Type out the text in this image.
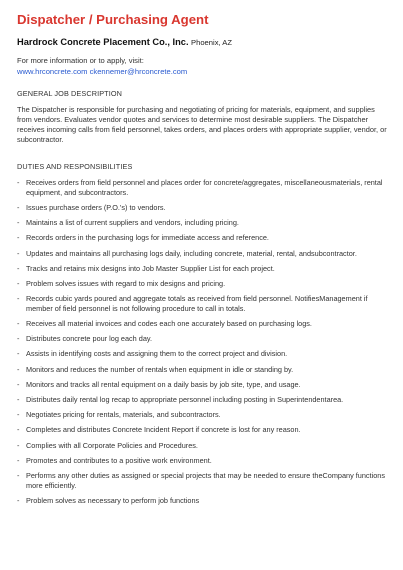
Dispatcher / Purchasing Agent
Hardrock Concrete Placement Co., Inc. Phoenix, AZ
For more information or to apply, visit:
www.hrconcrete.com ckennemer@hrconcrete.com
GENERAL JOB DESCRIPTION

The Dispatcher is responsible for purchasing and negotiating of pricing for materials, equipment, and supplies from vendors. Evaluates vendor quotes and services to determine most desirable suppliers. The Dispatcher receives incoming calls from field personnel, takes orders, and places orders with appropriate supplier, vendor, or subcontractor.

DUTIES AND RESPONSIBILITIES
- Receives orders from field personnel and places order for concrete/aggregates, miscellaneousmaterials, rental equipment, and subcontractors.
- Issues purchase orders (P.O.'s) to vendors.
- Maintains a list of current suppliers and vendors, including pricing.
- Records orders in the purchasing logs for immediate access and reference.
- Updates and maintains all purchasing logs daily, including concrete, material, rental, andsubcontractor.
- Tracks and retains mix designs into Job Master Supplier List for each project.
- Problem solves issues with regard to mix designs and pricing.
- Records cubic yards poured and aggregate totals as received from field personnel. NotifiesManagement if member of field personnel is not following procedure to call in totals.
- Receives all material invoices and codes each one accurately based on purchasing logs.
- Distributes concrete pour log each day.
- Assists in identifying costs and assigning them to the correct project and division.
- Monitors and reduces the number of rentals when equipment in idle or standing by.
- Monitors and tracks all rental equipment on a daily basis by job site, type, and usage.
- Distributes daily rental log recap to appropriate personnel including posting in Superintendentarea.
- Negotiates pricing for rentals, materials, and subcontractors.
- Completes and distributes Concrete Incident Report if concrete is lost for any reason.
- Complies with all Corporate Policies and Procedures.
- Promotes and contributes to a positive work environment.
- Performs any other duties as assigned or special projects that may be needed to ensure theCompany functions more efficiently.
- Problem solves as necessary to perform job functions
